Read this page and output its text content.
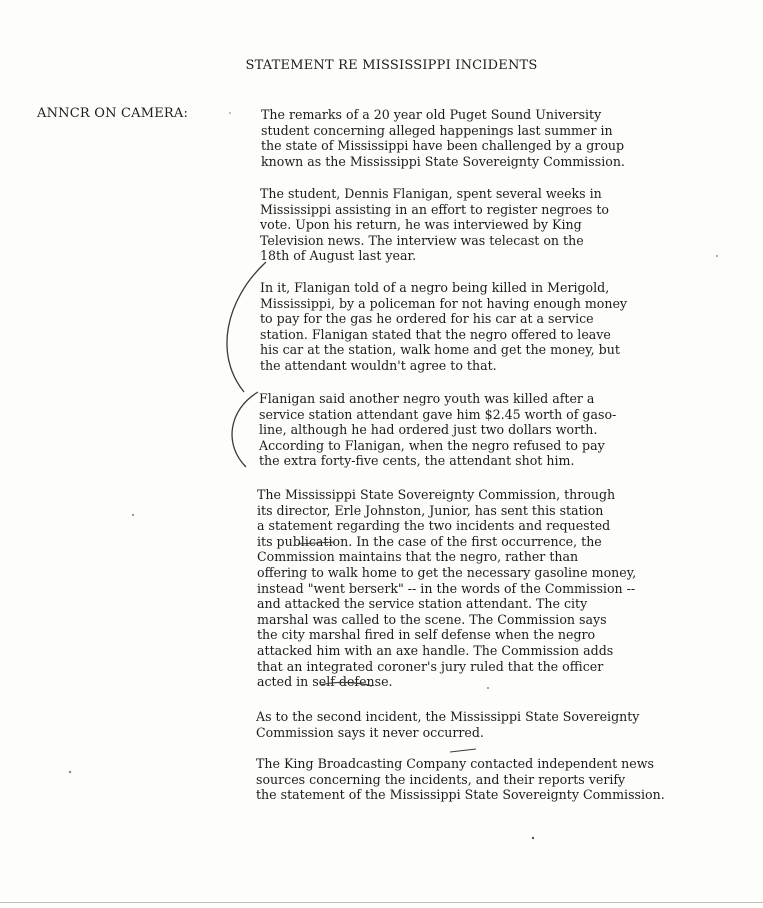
STATEMENT RE MISSISSIPPI INCIDENTS
ANNCR ON CAMERA:	The remarks of a 20 year old Puget Sound University
student concerning alleged happenings last summer in
the state of Mississippi have been challenged by a group
known as the Mississippi State Sovereignty Commission.
The student, Dennis Flanigan, spent several weeks in
Mississippi assisting in an effort to register negroes to
vote. Upon his return, he was interviewed by King
Television news. The interview was telecast on the
18th of August last year.
In it, Flanigan told of a negro being killed in Merigold,
Mississippi, by a policeman for not having enough money
to pay for the gas he ordered for his car at a service
station. Flanigan stated that the negro offered to leave
his car at the station, walk home and get the money, but
the attendant wouldn't agree to that.
Flanigan said another negro youth was killed after a
service station attendant gave him $2.45 worth of gaso-
line, although he had ordered just two dollars worth.
According to Flanigan, when the negro refused to pay
the extra forty-five cents, the attendant shot him.
The Mississippi State Sovereignty Commission, through
its director, Erle Johnston, Junior, has sent this station
a statement regarding the two incidents and requested
its publication. In the case of the first occurrence, the
Commission maintains that the negro, rather than
offering to walk home to get the necessary gasoline money,
instead "went berserk" -- in the words of the Commission --
and attacked the service station attendant. The city
marshal was called to the scene. The Commission says
the city marshal fired in self defense when the negro
attacked him with an axe handle. The Commission adds
that an integrated coroner's jury ruled that the officer
acted in self defense.
As to the second incident, the Mississippi State Sovereignty
Commission says it never occurred.
The King Broadcasting Company contacted independent news
sources concerning the incidents, and their reports verify
the statement of the Mississippi State Sovereignty Commission.
